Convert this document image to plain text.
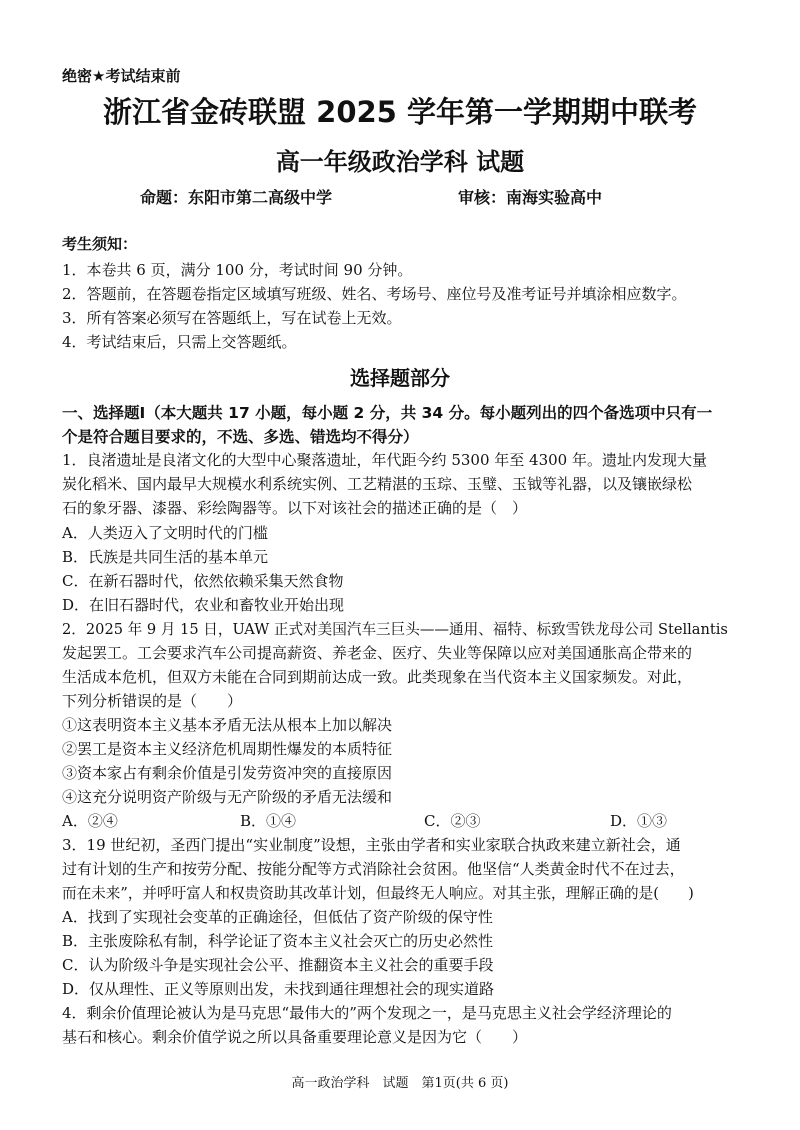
绝密★考试结束前
浙江省金砖联盟 2025 学年第一学期期中联考
高一年级政治学科 试题
命题：东阳市第二高级中学	审核：南海实验高中
考生须知：
1．本卷共 6 页，满分 100 分，考试时间 90 分钟。
2．答题前，在答题卷指定区域填写班级、姓名、考场号、座位号及准考证号并填涂相应数字。
3．所有答案必须写在答题纸上，写在试卷上无效。
4．考试结束后，只需上交答题纸。
选择题部分
一、选择题Ⅰ（本大题共 17 小题，每小题 2 分，共 34 分。每小题列出的四个备选项中只有一
个是符合题目要求的，不选、多选、错选均不得分）
1．良渚遗址是良渚文化的大型中心聚落遗址，年代距今约 5300 年至 4300 年。遗址内发现大量
炭化稻米、国内最早大规模水利系统实例、工艺精湛的玉琮、玉璧、玉钺等礼器，以及镶嵌绿松
石的象牙器、漆器、彩绘陶器等。以下对该社会的描述正确的是（　）
A．人类迈入了文明时代的门槛
B．氏族是共同生活的基本单元
C．在新石器时代，依然依赖采集天然食物
D．在旧石器时代，农业和畜牧业开始出现
2．2025 年 9 月 15 日，UAW 正式对美国汽车三巨头——通用、福特、标致雪铁龙母公司 Stellantis
发起罢工。工会要求汽车公司提高薪资、养老金、医疗、失业等保障以应对美国通胀高企带来的
生活成本危机，但双方未能在合同到期前达成一致。此类现象在当代资本主义国家频发。对此，
下列分析错误的是（　　）
①这表明资本主义基本矛盾无法从根本上加以解决
②罢工是资本主义经济危机周期性爆发的本质特征
③资本家占有剩余价值是引发劳资冲突的直接原因
④这充分说明资产阶级与无产阶级的矛盾无法缓和
A．②④	B．①④	C．②③	D．①③
3．19 世纪初，圣西门提出“实业制度”设想，主张由学者和实业家联合执政来建立新社会，通
过有计划的生产和按劳分配、按能分配等方式消除社会贫困。他坚信“人类黄金时代不在过去，
而在未来”，并呼吁富人和权贵资助其改革计划，但最终无人响应。对其主张，理解正确的是(　　)
A．找到了实现社会变革的正确途径，但低估了资产阶级的保守性
B．主张废除私有制，科学论证了资本主义社会灭亡的历史必然性
C．认为阶级斗争是实现社会公平、推翻资本主义社会的重要手段
D．仅从理性、正义等原则出发，未找到通往理想社会的现实道路
4．剩余价值理论被认为是马克思“最伟大的”两个发现之一，是马克思主义社会学经济理论的
基石和核心。剩余价值学说之所以具备重要理论意义是因为它（　　）
高一政治学科　试题　第1页(共 6 页)
